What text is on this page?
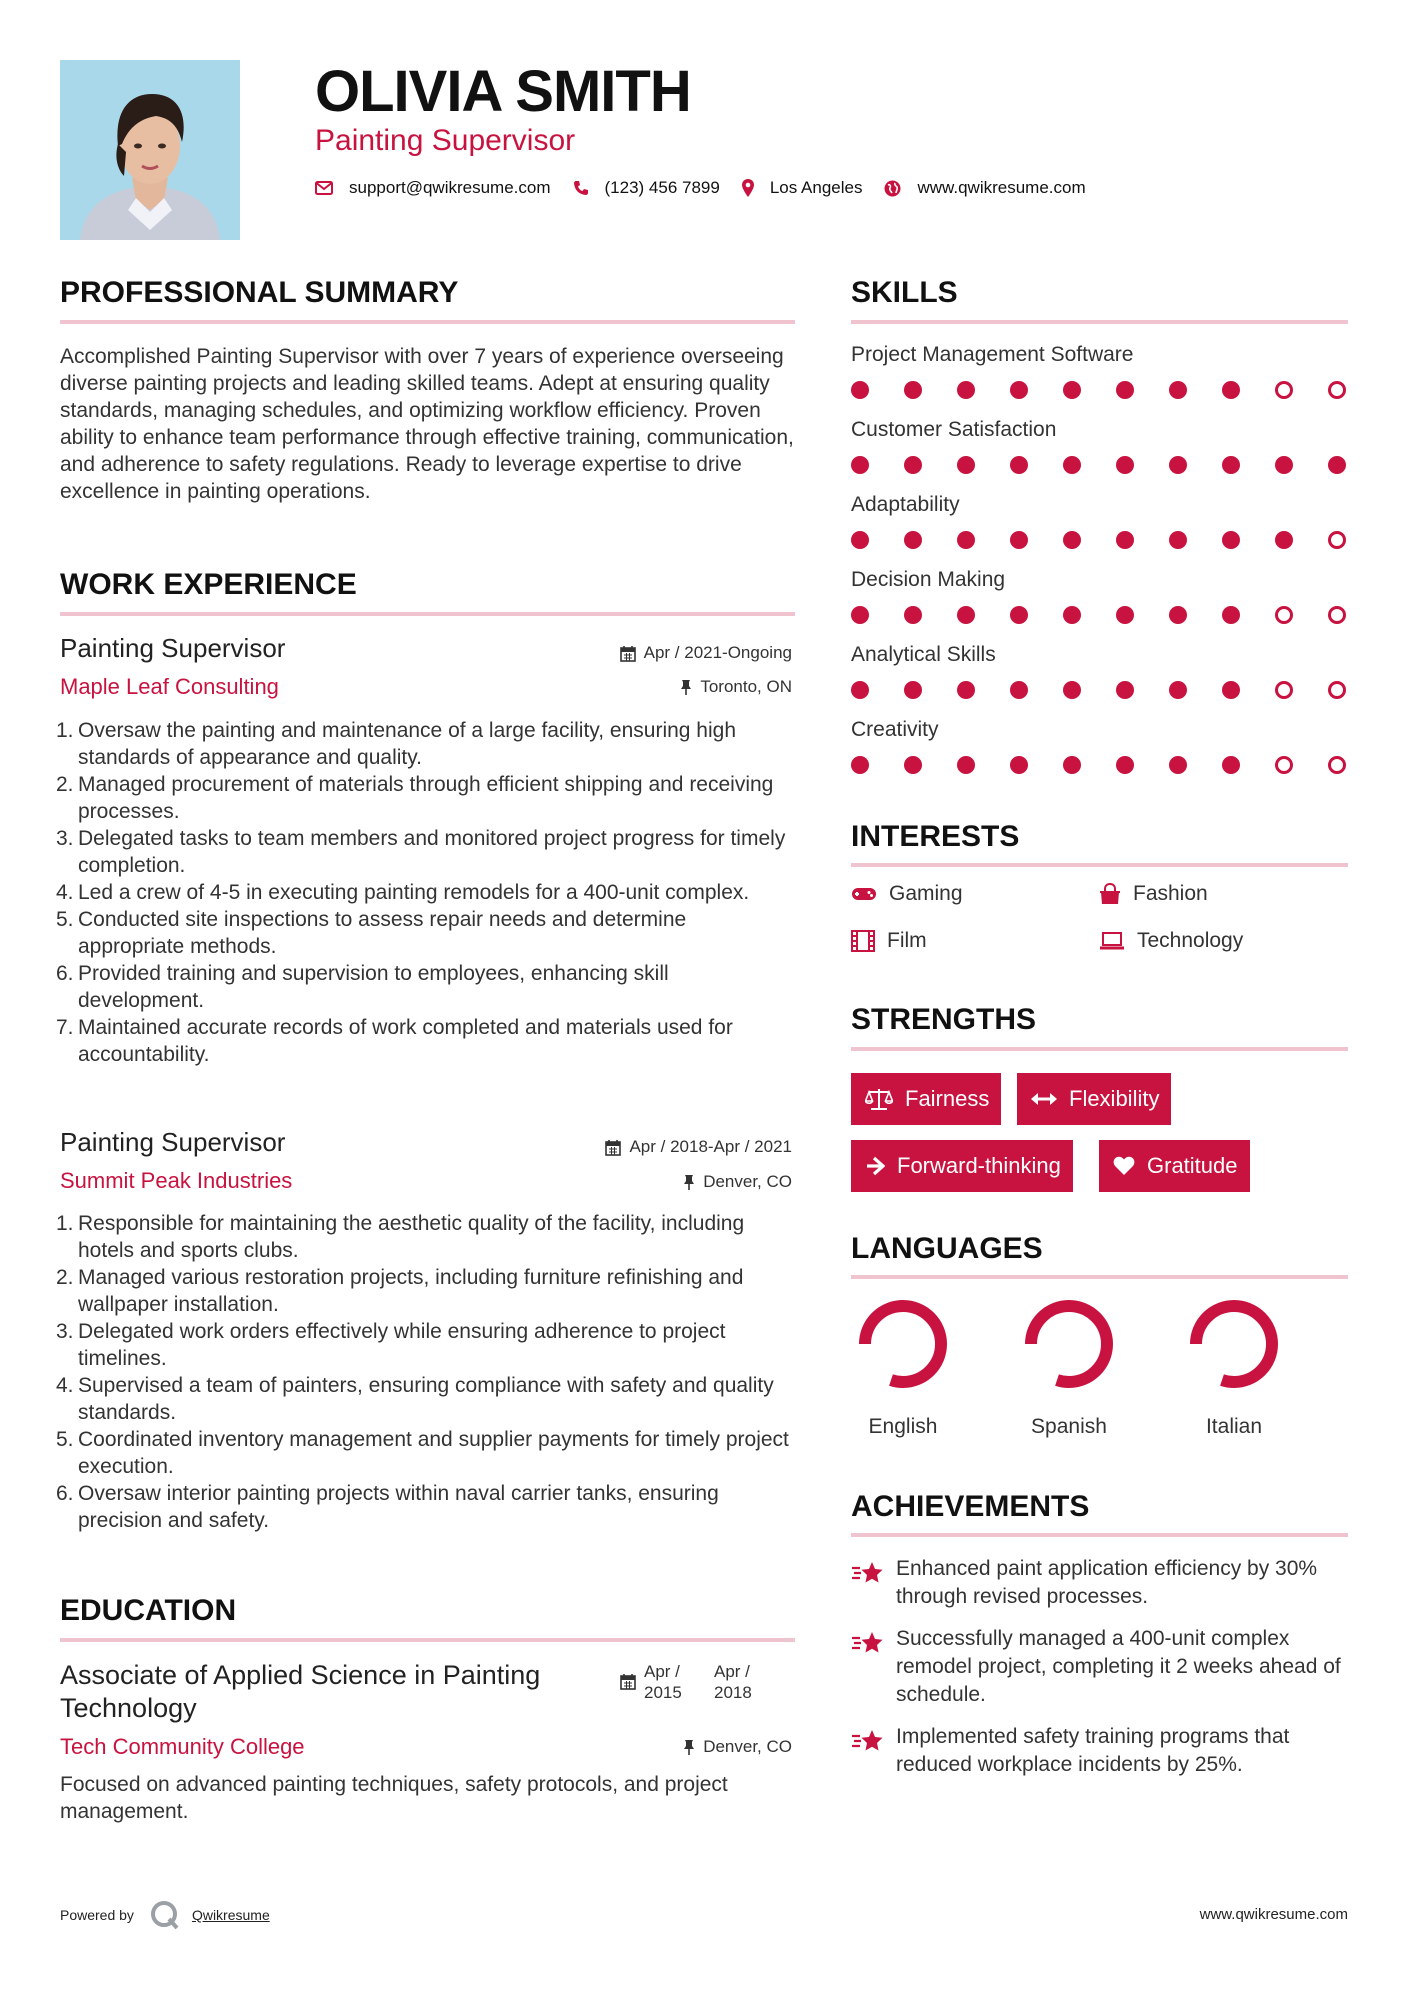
OLIVIA SMITH
Painting Supervisor
support@qwikresume.com	(123) 456 7899	Los Angeles	www.qwikresume.com
PROFESSIONAL SUMMARY
Accomplished Painting Supervisor with over 7 years of experience overseeing diverse painting projects and leading skilled teams. Adept at ensuring quality standards, managing schedules, and optimizing workflow efficiency. Proven ability to enhance team performance through effective training, communication, and adherence to safety regulations. Ready to leverage expertise to drive excellence in painting operations.
WORK EXPERIENCE
Painting Supervisor
Maple Leaf Consulting
Apr / 2021-Ongoing
Toronto, ON
1. Oversaw the painting and maintenance of a large facility, ensuring high standards of appearance and quality.
2. Managed procurement of materials through efficient shipping and receiving processes.
3. Delegated tasks to team members and monitored project progress for timely completion.
4. Led a crew of 4-5 in executing painting remodels for a 400-unit complex.
5. Conducted site inspections to assess repair needs and determine appropriate methods.
6. Provided training and supervision to employees, enhancing skill development.
7. Maintained accurate records of work completed and materials used for accountability.
Painting Supervisor
Summit Peak Industries
Apr / 2018-Apr / 2021
Denver, CO
1. Responsible for maintaining the aesthetic quality of the facility, including hotels and sports clubs.
2. Managed various restoration projects, including furniture refinishing and wallpaper installation.
3. Delegated work orders effectively while ensuring adherence to project timelines.
4. Supervised a team of painters, ensuring compliance with safety and quality standards.
5. Coordinated inventory management and supplier payments for timely project execution.
6. Oversaw interior painting projects within naval carrier tanks, ensuring precision and safety.
EDUCATION
Associate of Applied Science in Painting Technology
Apr / 2015
Apr / 2018
Tech Community College	Denver, CO
Focused on advanced painting techniques, safety protocols, and project management.
SKILLS
Project Management Software
Customer Satisfaction
Adaptability
Decision Making
Analytical Skills
Creativity
INTERESTS
Gaming	Fashion
Film	Technology
STRENGTHS
Fairness	Flexibility
Forward-thinking	Gratitude
LANGUAGES
English	Spanish	Italian
ACHIEVEMENTS
Enhanced paint application efficiency by 30% through revised processes.
Successfully managed a 400-unit complex remodel project, completing it 2 weeks ahead of schedule.
Implemented safety training programs that reduced workplace incidents by 25%.
Powered by	Qwikresume	www.qwikresume.com
